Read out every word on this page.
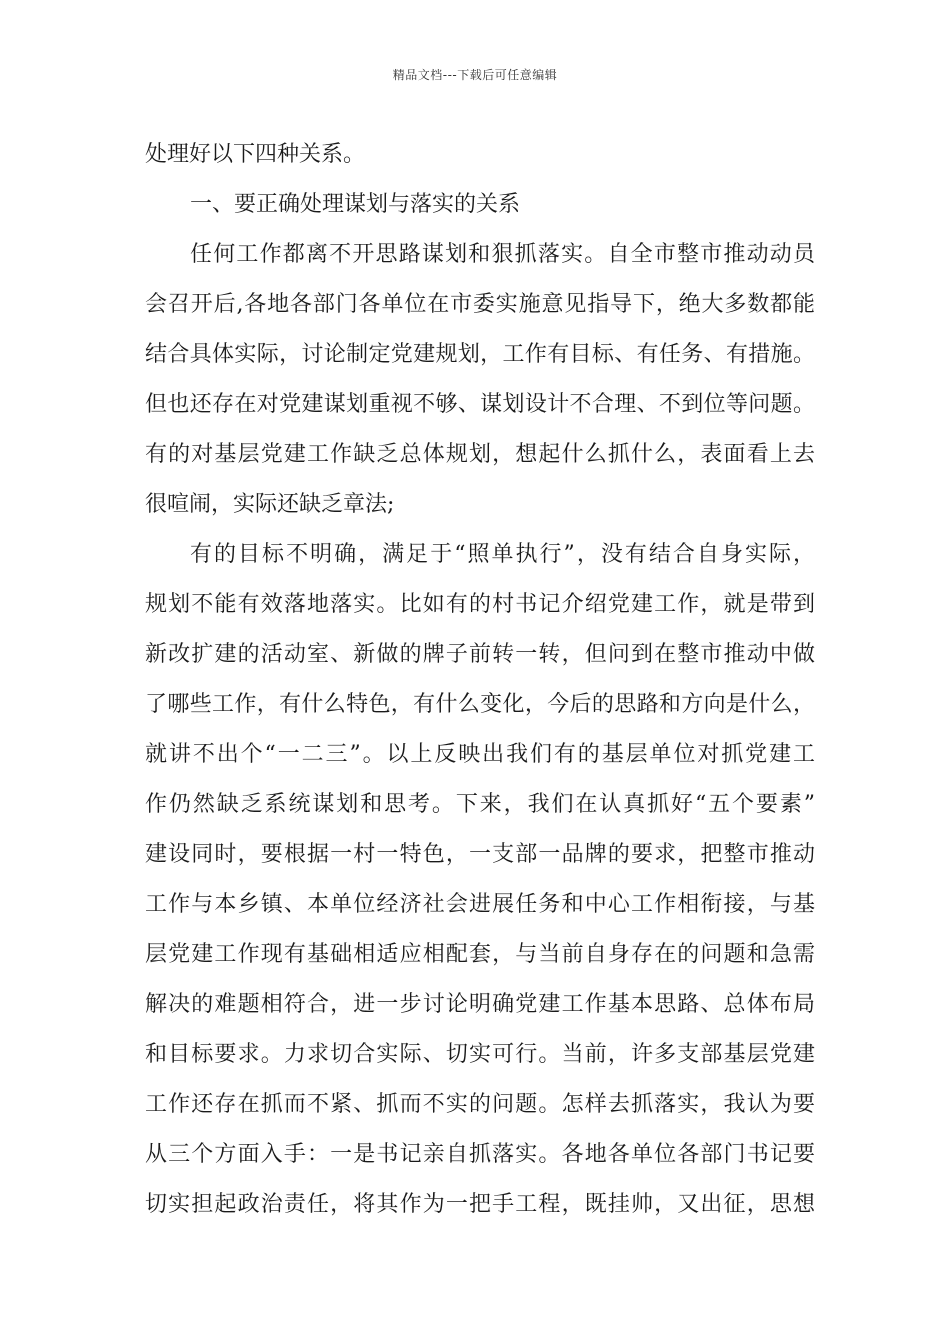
精品文档---下载后可任意编辑
处理好以下四种关系。
一、要正确处理谋划与落实的关系
任何工作都离不开思路谋划和狠抓落实。自全市整市推动动员
会召开后,各地各部门各单位在市委实施意见指导下，绝大多数都能
结合具体实际，讨论制定党建规划，工作有目标、有任务、有措施。
但也还存在对党建谋划重视不够、谋划设计不合理、不到位等问题。
有的对基层党建工作缺乏总体规划，想起什么抓什么，表面看上去
很喧闹，实际还缺乏章法;
有的目标不明确，满足于“照单执行”，没有结合自身实际，
规划不能有效落地落实。比如有的村书记介绍党建工作，就是带到
新改扩建的活动室、新做的牌子前转一转，但问到在整市推动中做
了哪些工作，有什么特色，有什么变化，今后的思路和方向是什么，
就讲不出个“一二三”。以上反映出我们有的基层单位对抓党建工
作仍然缺乏系统谋划和思考。下来，我们在认真抓好“五个要素”
建设同时，要根据一村一特色，一支部一品牌的要求，把整市推动
工作与本乡镇、本单位经济社会进展任务和中心工作相衔接，与基
层党建工作现有基础相适应相配套，与当前自身存在的问题和急需
解决的难题相符合，进一步讨论明确党建工作基本思路、总体布局
和目标要求。力求切合实际、切实可行。当前，许多支部基层党建
工作还存在抓而不紧、抓而不实的问题。怎样去抓落实，我认为要
从三个方面入手：一是书记亲自抓落实。各地各单位各部门书记要
切实担起政治责任，将其作为一把手工程，既挂帅，又出征，思想
